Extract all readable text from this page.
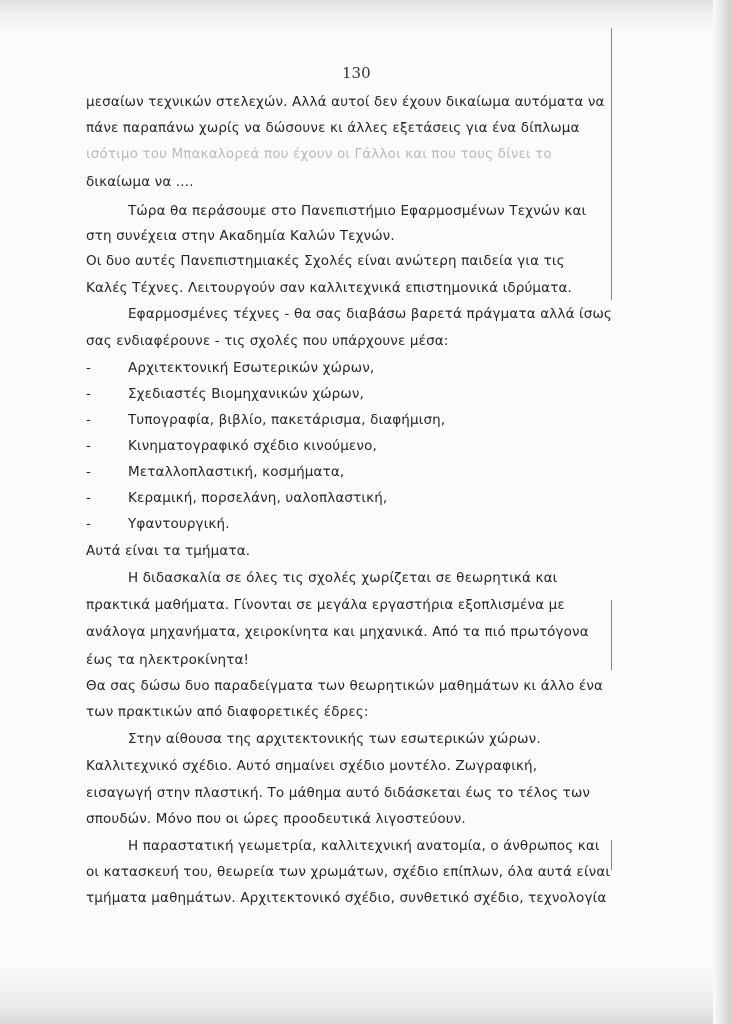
130
μεσαίων τεχνικών στελεχών. Αλλά αυτοί δεν έχουν δικαίωμα αυτόματα να
πάνε παραπάνω χωρίς να δώσουνε κι άλλες εξετάσεις για ένα δίπλωμα
ισότιμο του Μπακαλορεά που έχουν οι Γάλλοι και που τους δίνει το
δικαίωμα να ....
Τώρα θα περάσουμε στο Πανεπιστήμιο Εφαρμοσμένων Τεχνών και
στη συνέχεια στην Ακαδημία Καλών Τεχνών.
Οι δυο αυτές Πανεπιστημιακές Σχολές είναι ανώτερη παιδεία για τις
Καλές Τέχνες. Λειτουργούν σαν καλλιτεχνικά επιστημονικά ιδρύματα.
Εφαρμοσμένες τέχνες - θα σας διαβάσω βαρετά πράγματα αλλά ίσως
σας ενδιαφέρουνε - τις σχολές που υπάρχουνε μέσα:
-	Αρχιτεκτονική Εσωτερικών χώρων,
-	Σχεδιαστές Βιομηχανικών χώρων,
-	Τυπογραφία, βιβλίο, πακετάρισμα, διαφήμιση,
-	Κινηματογραφικό σχέδιο κινούμενο,
-	Μεταλλοπλαστική, κοσμήματα,
-	Κεραμική, πορσελάνη, υαλοπλαστική,
-	Υφαντουργική.
Αυτά είναι τα τμήματα.
Η διδασκαλία σε όλες τις σχολές χωρίζεται σε θεωρητικά και
πρακτικά μαθήματα. Γίνονται σε μεγάλα εργαστήρια εξοπλισμένα με
ανάλογα μηχανήματα, χειροκίνητα και μηχανικά. Από τα πιό πρωτόγονα
έως τα ηλεκτροκίνητα!
Θα σας δώσω δυο παραδείγματα των θεωρητικών μαθημάτων κι άλλο ένα
των πρακτικών από διαφορετικές έδρες:
Στην αίθουσα της αρχιτεκτονικής των εσωτερικών χώρων.
Καλλιτεχνικό σχέδιο. Αυτό σημαίνει σχέδιο μοντέλο. Ζωγραφική,
εισαγωγή στην πλαστική. Το μάθημα αυτό διδάσκεται έως το τέλος των
σπουδών. Μόνο που οι ώρες προοδευτικά λιγοστεύουν.
Η παραστατική γεωμετρία, καλλιτεχνική ανατομία, ο άνθρωπος και
οι κατασκευή του, θεωρεία των χρωμάτων, σχέδιο επίπλων, όλα αυτά είναι
τμήματα μαθημάτων. Αρχιτεκτονικό σχέδιο, συνθετικό σχέδιο, τεχνολογία
